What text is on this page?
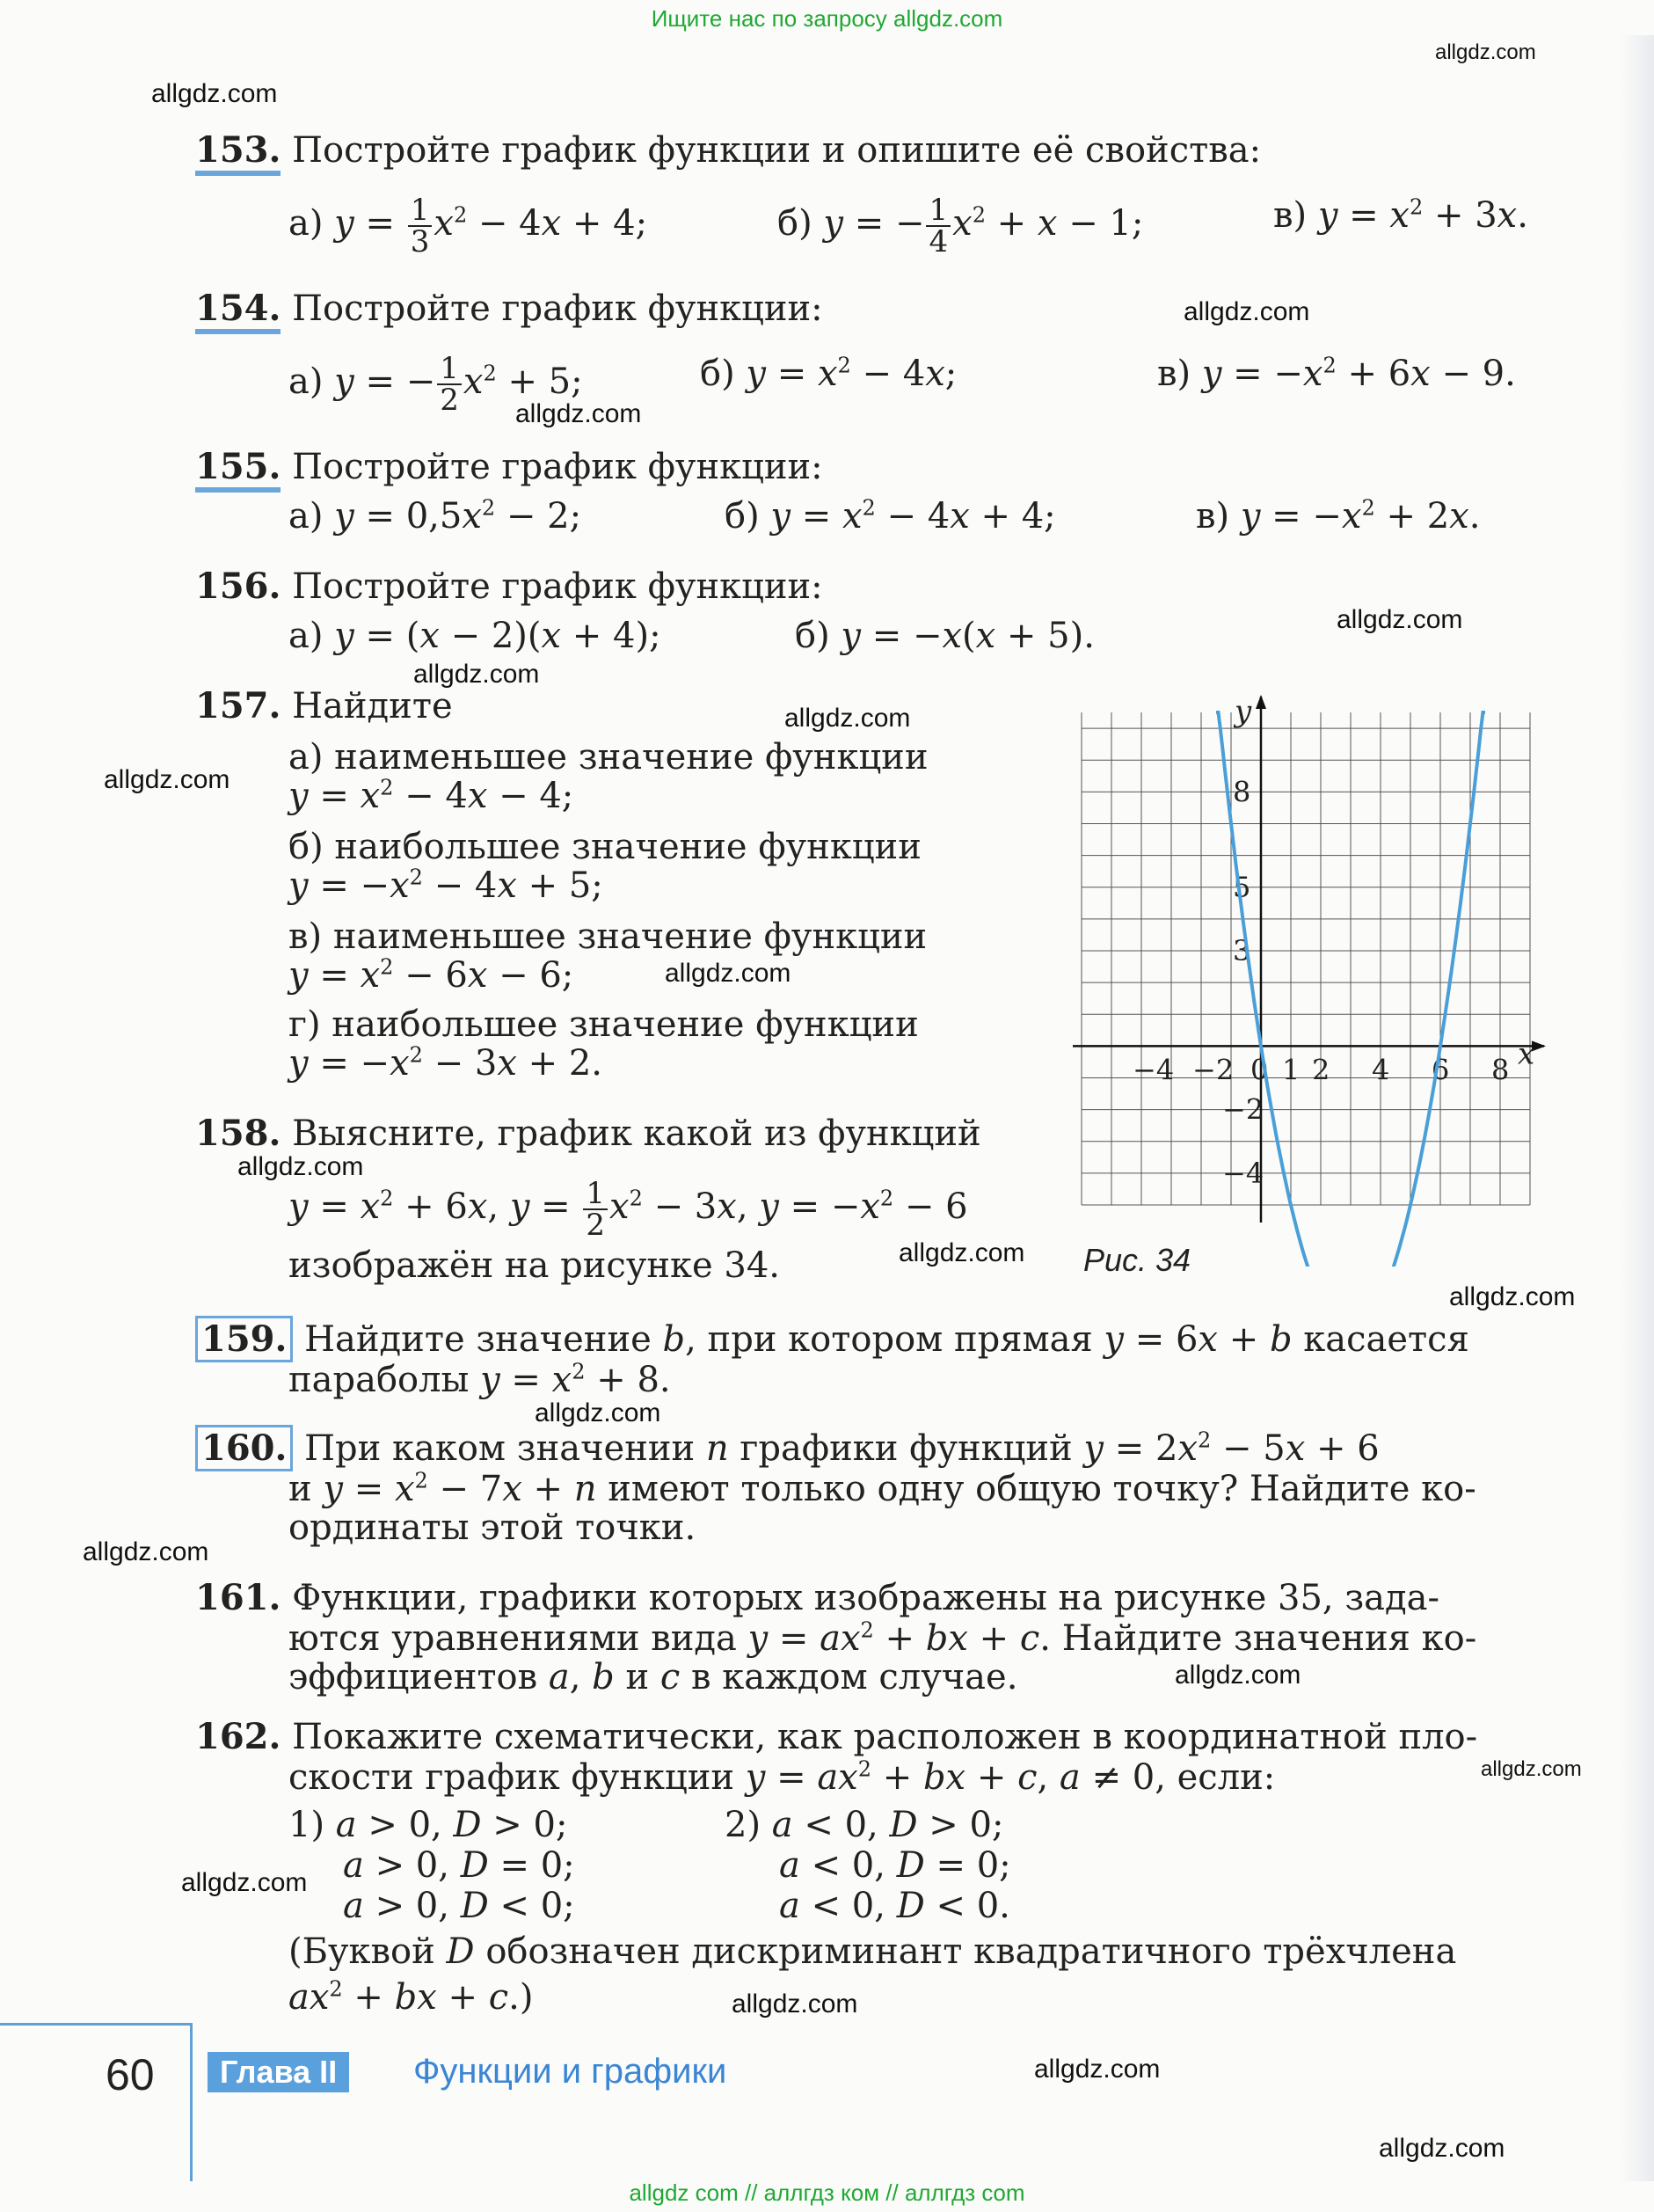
Ищите нас по запросу allgdz.com
allgdz.com
allgdz.com
allgdz.com
allgdz.com
allgdz.com
allgdz.com
allgdz.com
allgdz.com
allgdz.com
allgdz.com
allgdz.com
allgdz.com
allgdz.com
allgdz.com
allgdz.com
allgdz.com
allgdz.com
allgdz.com
allgdz.com
allgdz.com
153. Постройте график функции и опишите её свойства:
а) $y = \frac{1}{3} x^2 - 4x + 4$;	б) y = − $\frac{1}{4} x^2 + x - 1$;	в) $y = x^2 + 3x$.
154. Постройте график функции:
а) y = − $\frac{1}{2} x^2 + 5$;	б) $y = x^2 - 4x$;	в) $y = -x^2 + 6x - 9$.
155. Постройте график функции:
а) $y = 0,5x^2 - 2$;	б) $y = x^2 - 4x + 4$;	в) $y = -x^2 + 2x$.
156. Постройте график функции:
а) y = (x − 2)(x + 4);	б) y = −x(x + 5).
157. Найдите
а) наименьшее значение функции
$y = x^2 - 4x - 4$;
б) наибольшее значение функции
$y = -x^2 - 4x + 5$;
в) наименьшее значение функции
$y = x^2 - 6x - 6$;
г) наибольшее значение функции
$y = -x^2 - 3x + 2$.
158. Выясните, график какой из функций
$y = x^2 + 6x$, $y = \frac{1}{2} x^2 - 3x$, $y = -x^2 - 6$
изображён на рисунке 34.
−4 −2 0 1 2 4 6 8
8
5
3
−2
−4
x
y
Рис. 34
159. Найдите значение b, при котором прямая y = 6x + b касается
параболы $y = x^2 + 8$.
160. При каком значении n графики функций $y = 2x^2 - 5x + 6$
и $y = x^2 - 7x + n$ имеют только одну общую точку? Найдите ко-
ординаты этой точки.
161. Функции, графики которых изображены на рисунке 35, зада-
ются уравнениями вида $y = ax^2$ + bx + c. Найдите значения ко-
эффициентов a, b и c в каждом случае.
162. Покажите схематически, как расположен в координатной пло-
скости график функции $y = ax^2$ + bx + c, a ≠ 0, если:
1) a > 0, D > 0;	2) a < 0, D > 0;
a > 0, D = 0;	a < 0, D = 0;
a > 0, D < 0;	a < 0, D < 0.
(Буквой D обозначен дискриминант квадратичного трёхчлена
$ax^2$ + bx + c.)
60	Глава II	Функции и графики
allgdz com // аллгдз ком // аллгдз com
